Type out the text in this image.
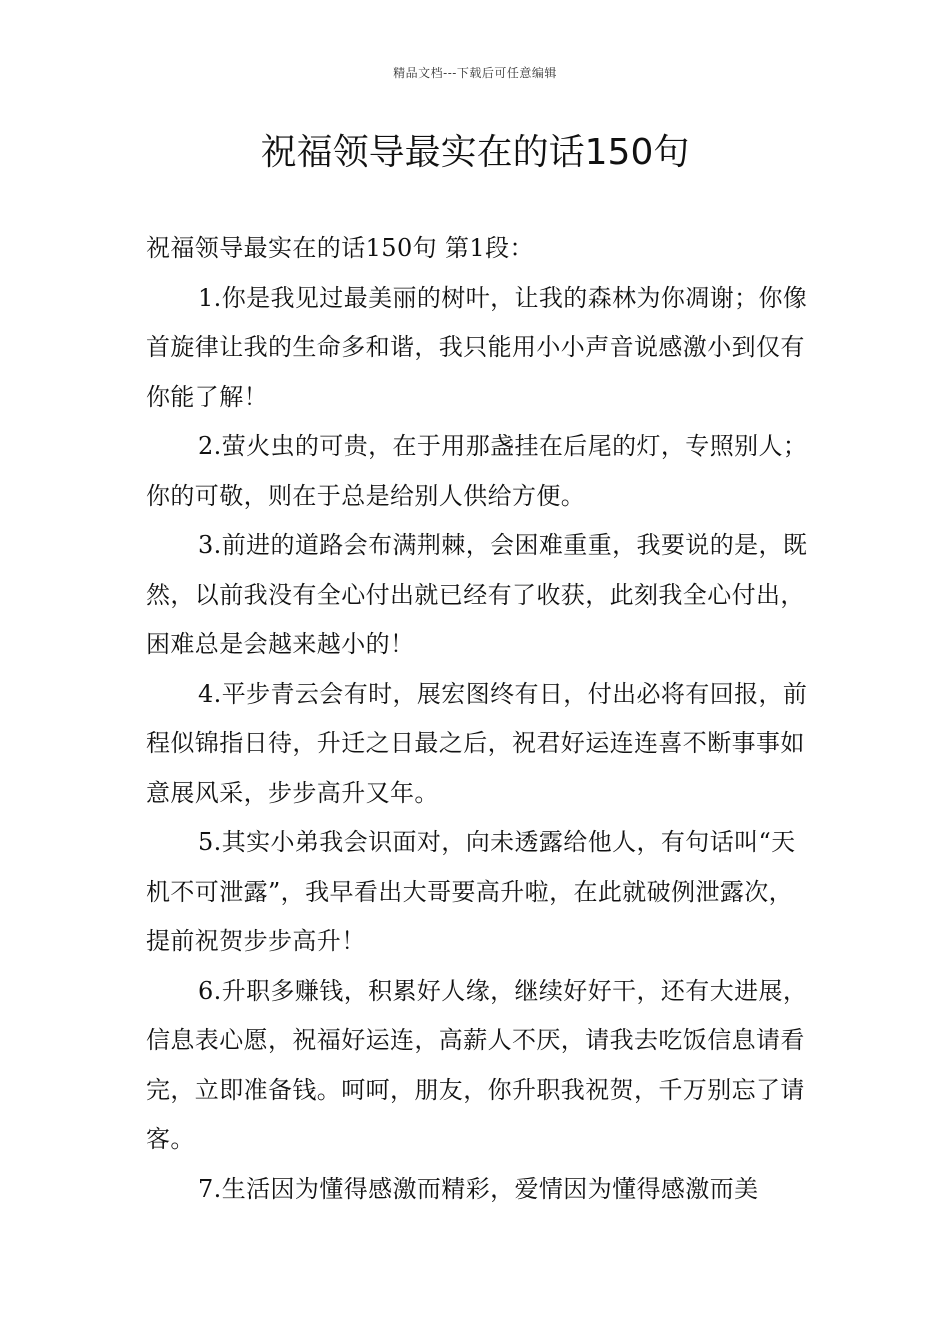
精品文档---下载后可任意编辑
祝福领导最实在的话150句

祝福领导最实在的话150句 第1段：

1.你是我见过最美丽的树叶，让我的森林为你凋谢；你像首旋律让我的生命多和谐，我只能用小小声音说感激小到仅有你能了解！

2.萤火虫的可贵，在于用那盏挂在后尾的灯，专照别人；你的可敬，则在于总是给别人供给方便。

3.前进的道路会布满荆棘，会困难重重，我要说的是，既然，以前我没有全心付出就已经有了收获，此刻我全心付出，困难总是会越来越小的！

4.平步青云会有时，展宏图终有日，付出必将有回报，前程似锦指日待，升迁之日最之后，祝君好运连连喜不断事事如意展风采，步步高升又年。

5.其实小弟我会识面对，向未透露给他人，有句话叫“天机不可泄露”，我早看出大哥要高升啦，在此就破例泄露次，提前祝贺步步高升！

6.升职多赚钱，积累好人缘，继续好好干，还有大进展，信息表心愿，祝福好运连，高薪人不厌，请我去吃饭信息请看完，立即准备钱。呵呵，朋友，你升职我祝贺，千万别忘了请客。

7.生活因为懂得感激而精彩，爱情因为懂得感激而美
